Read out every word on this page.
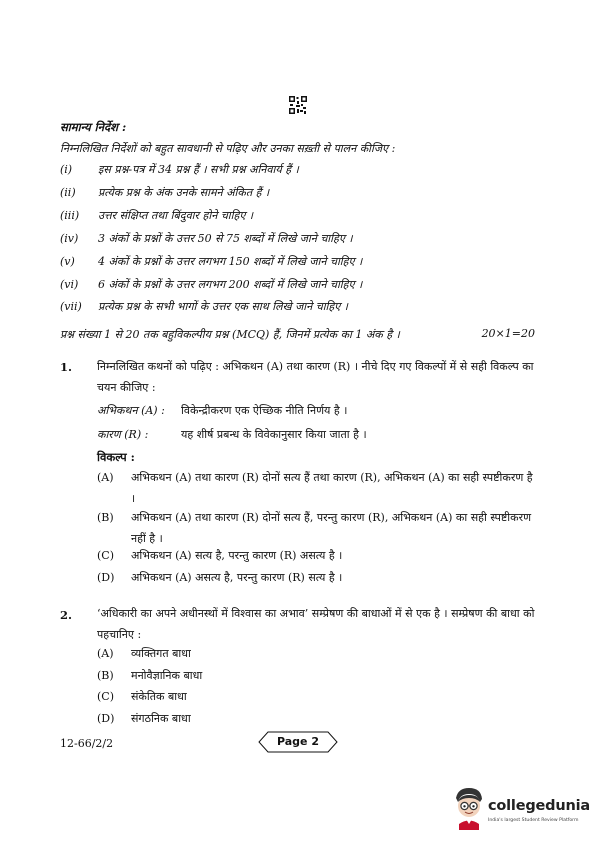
सामान्य निर्देश :
निम्नलिखित निर्देशों को बहुत सावधानी से पढ़िए और उनका सख़्ती से पालन कीजिए :
(i) इस प्रश्न-पत्र में 34 प्रश्न हैं । सभी प्रश्न अनिवार्य हैं ।
(ii) प्रत्येक प्रश्न के अंक उनके सामने अंकित हैं ।
(iii) उत्तर संक्षिप्त तथा बिंदुवार होने चाहिए ।
(iv) 3 अंकों के प्रश्नों के उत्तर 50 से 75 शब्दों में लिखे जाने चाहिए ।
(v) 4 अंकों के प्रश्नों के उत्तर लगभग 150 शब्दों में लिखे जाने चाहिए ।
(vi) 6 अंकों के प्रश्नों के उत्तर लगभग 200 शब्दों में लिखे जाने चाहिए ।
(vii) प्रत्येक प्रश्न के सभी भागों के उत्तर एक साथ लिखे जाने चाहिए ।
प्रश्न संख्या 1 से 20 तक बहुविकल्पीय प्रश्न (MCQ) हैं, जिनमें प्रत्येक का 1 अंक है ।	20×1=20
1. निम्नलिखित कथनों को पढ़िए : अभिकथन (A) तथा कारण (R) । नीचे दिए गए विकल्पों में से सही विकल्प का चयन कीजिए :
अभिकथन (A) : विकेन्द्रीकरण एक ऐच्छिक नीति निर्णय है ।
कारण (R) :	यह शीर्ष प्रबन्ध के विवेकानुसार किया जाता है ।
विकल्प :
(A) अभिकथन (A) तथा कारण (R) दोनों सत्य हैं तथा कारण (R), अभिकथन (A) का सही स्पष्टीकरण है ।
(B) अभिकथन (A) तथा कारण (R) दोनों सत्य हैं, परन्तु कारण (R), अभिकथन (A) का सही स्पष्टीकरण नहीं है ।
(C) अभिकथन (A) सत्य है, परन्तु कारण (R) असत्य है ।
(D) अभिकथन (A) असत्य है, परन्तु कारण (R) सत्य है ।
2. ‘अधिकारी का अपने अधीनस्थों में विश्वास का अभाव’ सम्प्रेषण की बाधाओं में से एक है । सम्प्रेषण की बाधा को पहचानिए :
(A) व्यक्तिगत बाधा
(B) मनोवैज्ञानिक बाधा
(C) संकेतिक बाधा
(D) संगठनिक बाधा
12-66/2/2	Page 2
collegedunia
India's largest Student Review Platform
